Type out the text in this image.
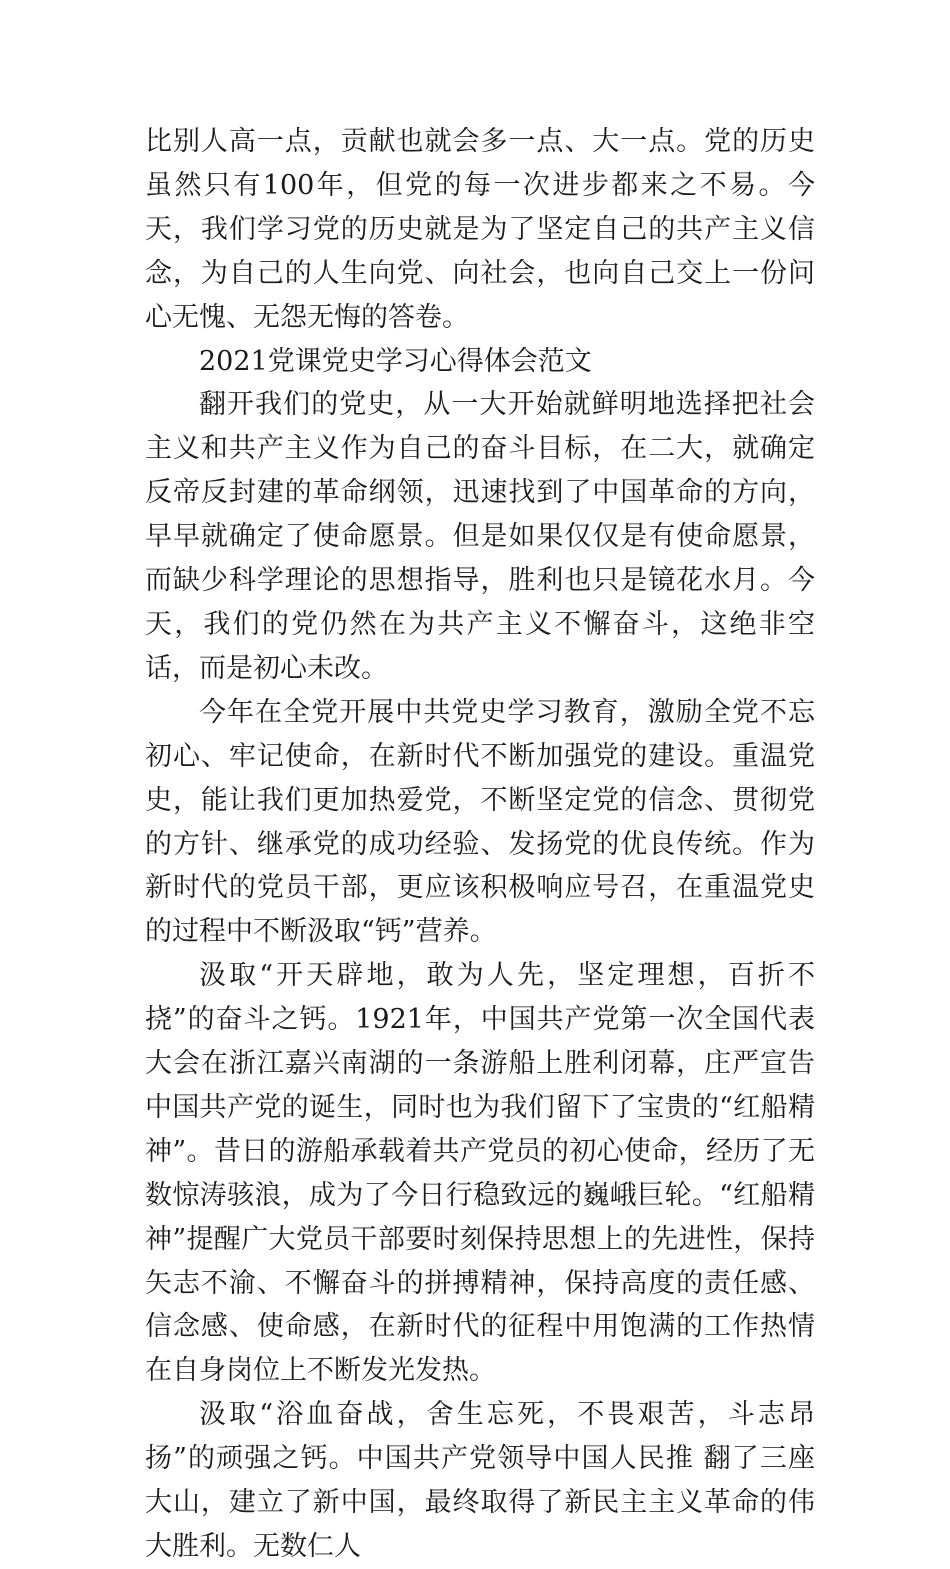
比别人高一点，贡献也就会多一点、大一点。党的历史虽然只有100年，但党的每一次进步都来之不易。今天，我们学习党的历史就是为了坚定自己的共产主义信念，为自己的人生向党、向社会，也向自己交上一份问心无愧、无怨无悔的答卷。

2021党课党史学习心得体会范文

翻开我们的党史，从一大开始就鲜明地选择把社会主义和共产主义作为自己的奋斗目标，在二大，就确定反帝反封建的革命纲领，迅速找到了中国革命的方向，早早就确定了使命愿景。但是如果仅仅是有使命愿景，而缺少科学理论的思想指导，胜利也只是镜花水月。今天，我们的党仍然在为共产主义不懈奋斗，这绝非空话，而是初心未改。

今年在全党开展中共党史学习教育，激励全党不忘初心、牢记使命，在新时代不断加强党的建设。重温党史，能让我们更加热爱党，不断坚定党的信念、贯彻党的方针、继承党的成功经验、发扬党的优良传统。作为新时代的党员干部，更应该积极响应号召，在重温党史的过程中不断汲取“钙”营养。

汲取“开天辟地，敢为人先，坚定理想，百折不挠”的奋斗之钙。1921年，中国共产党第一次全国代表大会在浙江嘉兴南湖的一条游船上胜利闭幕，庄严宣告中国共产党的诞生，同时也为我们留下了宝贵的“红船精神”。昔日的游船承载着共产党员的初心使命，经历了无数惊涛骇浪，成为了今日行稳致远的巍峨巨轮。“红船精神”提醒广大党员干部要时刻保持思想上的先进性，保持矢志不渝、不懈奋斗的拼搏精神，保持高度的责任感、信念感、使命感，在新时代的征程中用饱满的工作热情在自身岗位上不断发光发热。

汲取“浴血奋战，舍生忘死，不畏艰苦，斗志昂扬”的顽强之钙。中国共产党领导中国人民推 翻了三座大山，建立了新中国，最终取得了新民主主义革命的伟大胜利。无数仁人
